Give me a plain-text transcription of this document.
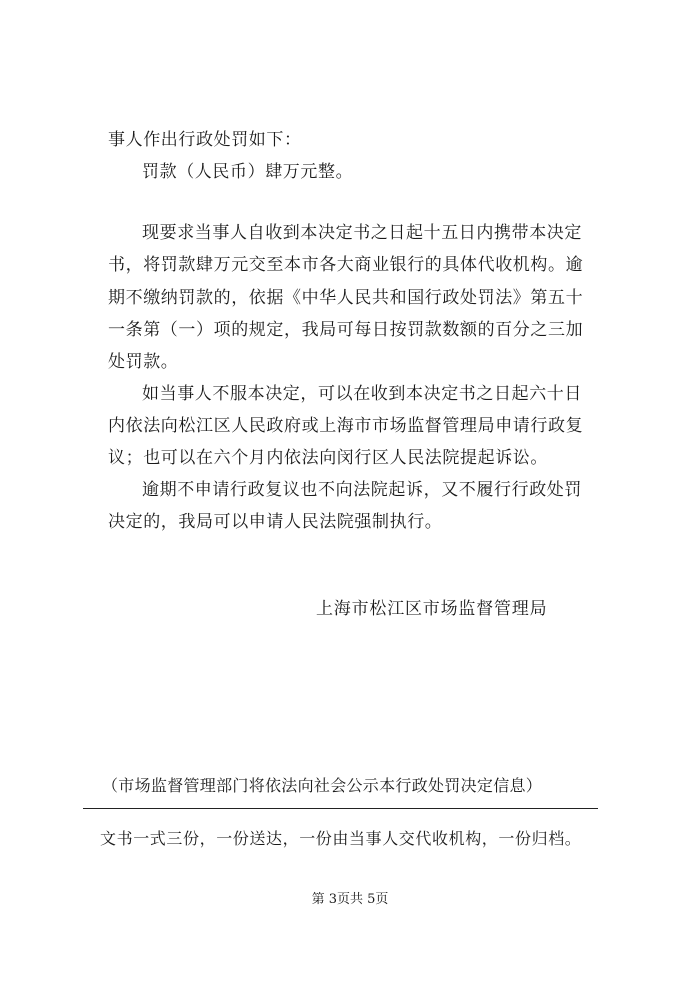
事人作出行政处罚如下：
罚款（人民币）肆万元整。
现要求当事人自收到本决定书之日起十五日内携带本决定
书，将罚款肆万元交至本市各大商业银行的具体代收机构。逾
期不缴纳罚款的，依据《中华人民共和国行政处罚法》第五十
一条第（一）项的规定，我局可每日按罚款数额的百分之三加
处罚款。
如当事人不服本决定，可以在收到本决定书之日起六十日
内依法向松江区人民政府或上海市市场监督管理局申请行政复
议；也可以在六个月内依法向闵行区人民法院提起诉讼。
逾期不申请行政复议也不向法院起诉，又不履行行政处罚
决定的，我局可以申请人民法院强制执行。
上海市松江区市场监督管理局
（市场监督管理部门将依法向社会公示本行政处罚决定信息）
文书一式三份，一份送达，一份由当事人交代收机构，一份归档。
第 3页共 5页
